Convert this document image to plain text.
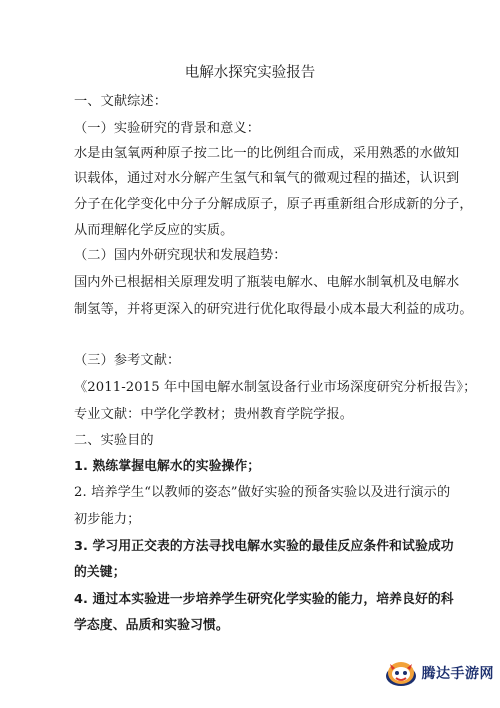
电解水探究实验报告
一、文献综述：
（一）实验研究的背景和意义：
水是由氢氧两种原子按二比一的比例组合而成，采用熟悉的水做知
识载体，通过对水分解产生氢气和氧气的微观过程的描述，认识到
分子在化学变化中分子分解成原子，原子再重新组合形成新的分子，
从而理解化学反应的实质。
（二）国内外研究现状和发展趋势：
国内外已根据相关原理发明了瓶装电解水、电解水制氧机及电解水
制氢等，并将更深入的研究进行优化取得最小成本最大利益的成功。
（三）参考文献：
《2011-2015 年中国电解水制氢设备行业市场深度研究分析报告》；
专业文献：中学化学教材；贵州教育学院学报。
二、实验目的
1. 熟练掌握电解水的实验操作；
2. 培养学生“以教师的姿态”做好实验的预备实验以及进行演示的
初步能力；
3. 学习用正交表的方法寻找电解水实验的最佳反应条件和试验成功
的关键；
4. 通过本实验进一步培养学生研究化学实验的能力，培养良好的科
学态度、品质和实验习惯。
腾达手游网
